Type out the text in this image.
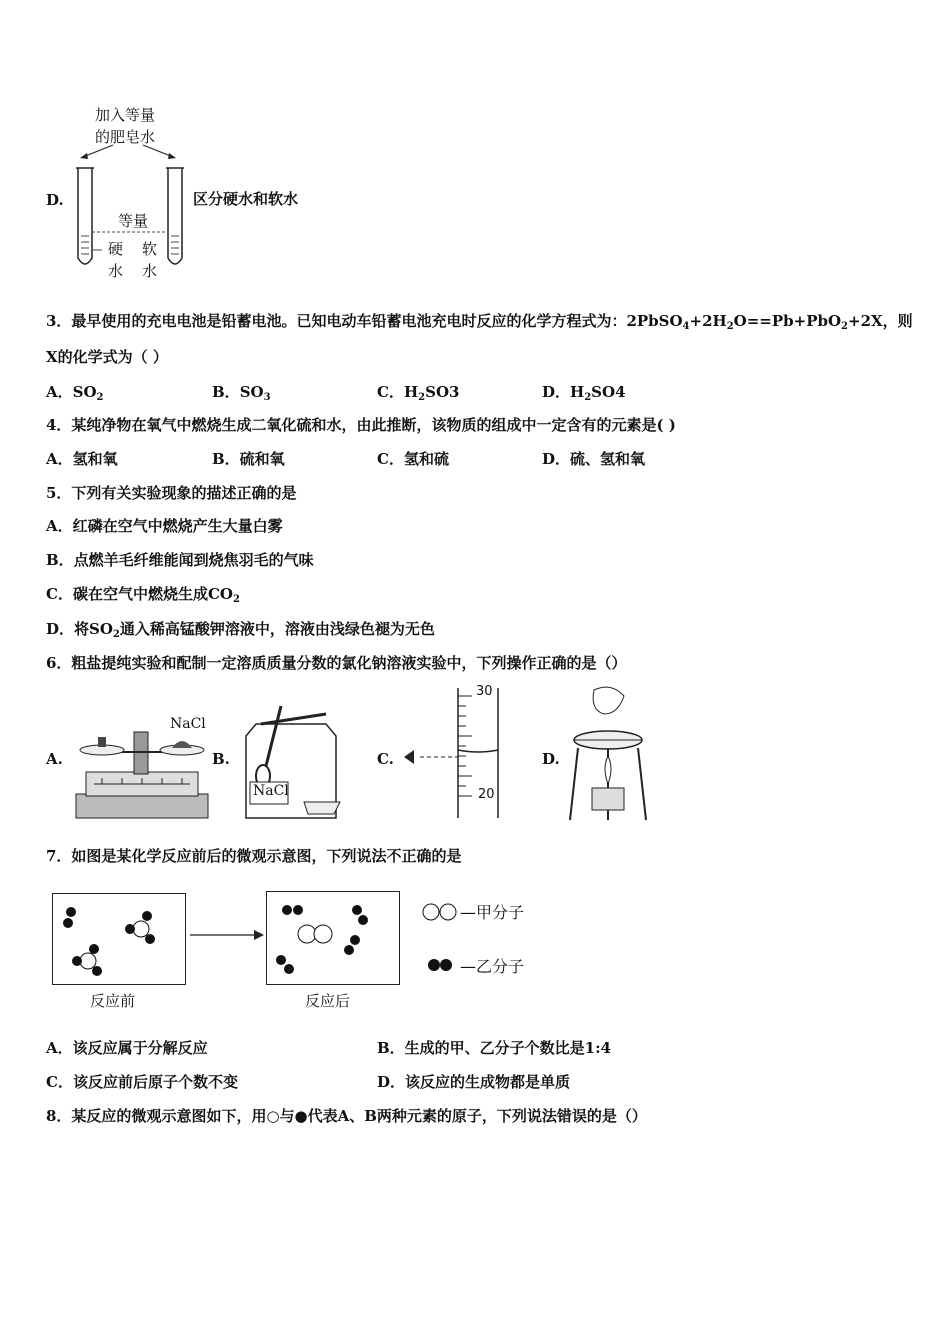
加入等量
的肥皂水
等量
硬
水
软
水
D.	区分硬水和软水
3．最早使用的充电电池是铅蓄电池。已知电动车铅蓄电池充电时反应的化学方程式为：$2PbSO_4+2H_2O==Pb+PbO_2+2X$，则
X的化学式为（ ）
A．$SO_2$	B．$SO_3$	C．$H_2SO3$	D．$H_2SO4$
4．某纯净物在氧气中燃烧生成二氧化硫和水，由此推断，该物质的组成中一定含有的元素是( )
A．氢和氧	B．硫和氧	C．氢和硫	D．硫、氢和氧
5．下列有关实验现象的描述正确的是
A．红磷在空气中燃烧产生大量白雾
B．点燃羊毛纤维能闻到烧焦羽毛的气味
C．碳在空气中燃烧生成$CO_2$
D．将$SO_2$通入稀高锰酸钾溶液中，溶液由浅绿色褪为无色
6．粗盐提纯实验和配制一定溶质质量分数的氯化钠溶液实验中，下列操作正确的是（）
A.
NaCl
B.
NaCl
C.
30
20
D.
7．如图是某化学反应前后的微观示意图，下列说法不正确的是
反应前	反应后
—甲分子
—乙分子
A．该反应属于分解反应	B．生成的甲、乙分子个数比是1:4
C．该反应前后原子个数不变	D．该反应的生成物都是单质
8．某反应的微观示意图如下，用○与●代表A、B两种元素的原子，下列说法错误的是（）
